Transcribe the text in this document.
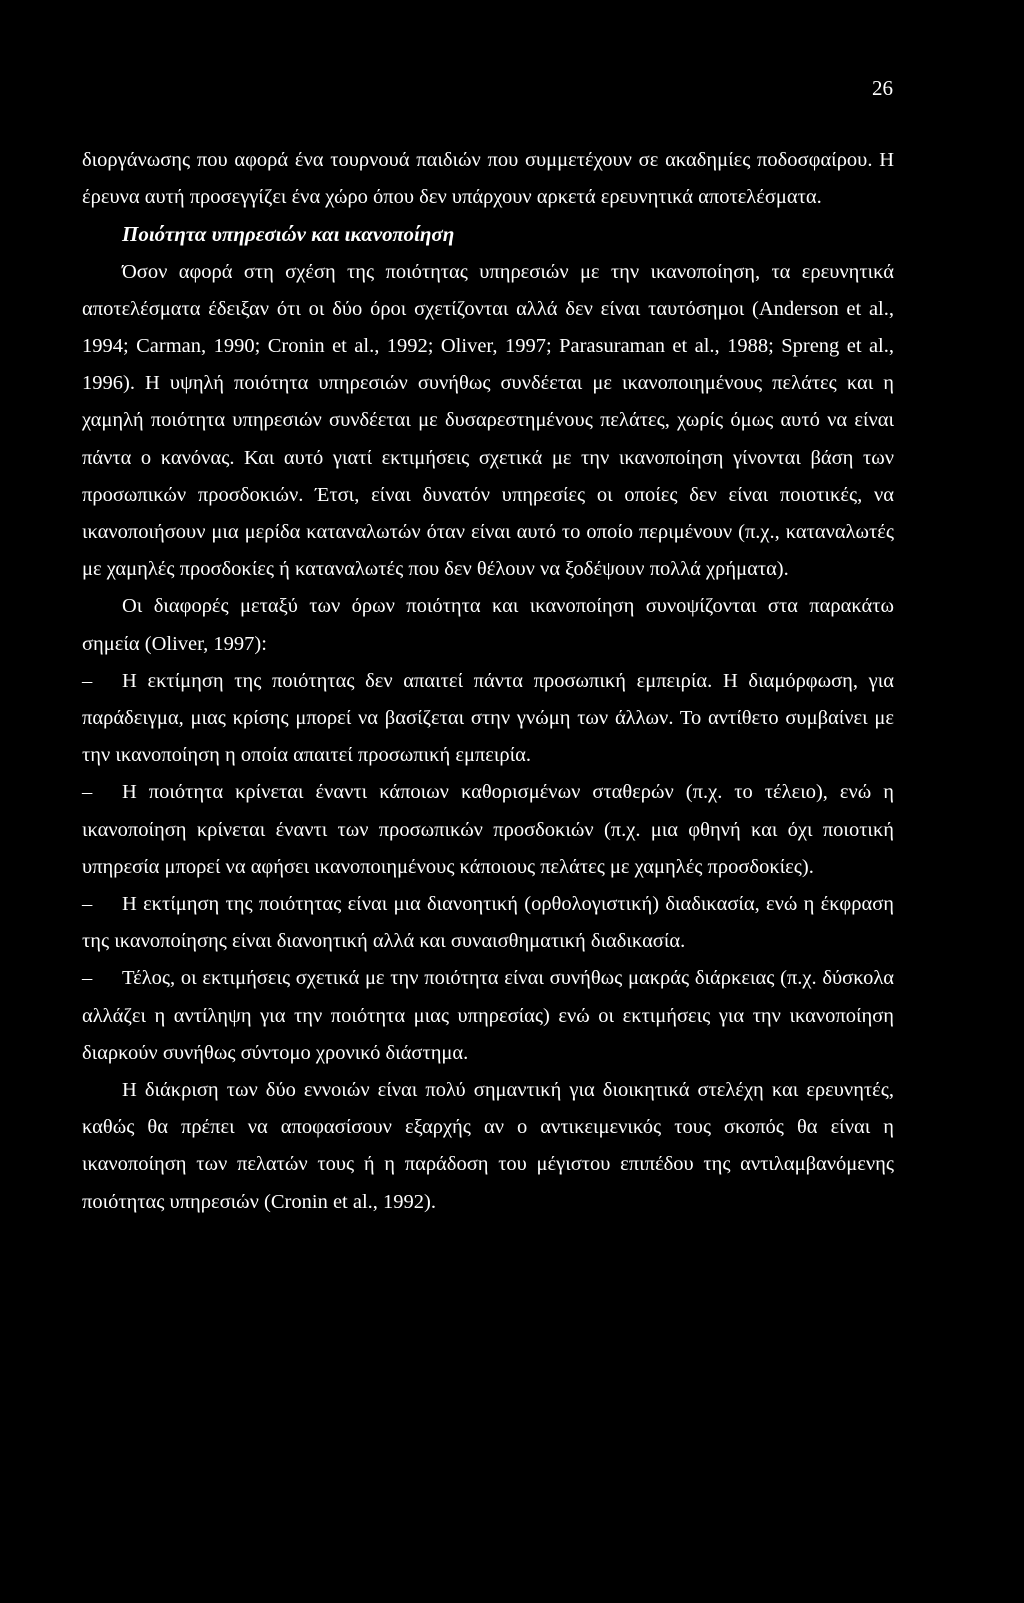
26

διοργάνωσης που αφορά ένα τουρνουά παιδιών που συμμετέχουν σε ακαδημίες ποδοσφαίρου. Η έρευνα αυτή προσεγγίζει ένα χώρο όπου δεν υπάρχουν αρκετά ερευνητικά αποτελέσματα.

Ποιότητα υπηρεσιών και ικανοποίηση

Όσον αφορά στη σχέση της ποιότητας υπηρεσιών με την ικανοποίηση, τα ερευνητικά αποτελέσματα έδειξαν ότι οι δύο όροι σχετίζονται αλλά δεν είναι ταυτόσημοι (Anderson et al., 1994; Carman, 1990; Cronin et al., 1992; Oliver, 1997; Parasuraman et al., 1988; Spreng et al., 1996). Η υψηλή ποιότητα υπηρεσιών συνήθως συνδέεται με ικανοποιημένους πελάτες και η χαμηλή ποιότητα υπηρεσιών συνδέεται με δυσαρεστημένους πελάτες, χωρίς όμως αυτό να είναι πάντα ο κανόνας. Και αυτό γιατί εκτιμήσεις σχετικά με την ικανοποίηση γίνονται βάση των προσωπικών προσδοκιών. Έτσι, είναι δυνατόν υπηρεσίες οι οποίες δεν είναι ποιοτικές, να ικανοποιήσουν μια μερίδα καταναλωτών όταν είναι αυτό το οποίο περιμένουν (π.χ., καταναλωτές με χαμηλές προσδοκίες ή καταναλωτές που δεν θέλουν να ξοδέψουν πολλά χρήματα).

Οι διαφορές μεταξύ των όρων ποιότητα και ικανοποίηση συνοψίζονται στα παρακάτω σημεία (Oliver, 1997):

– Η εκτίμηση της ποιότητας δεν απαιτεί πάντα προσωπική εμπειρία. Η διαμόρφωση, για παράδειγμα, μιας κρίσης μπορεί να βασίζεται στην γνώμη των άλλων. Το αντίθετο συμβαίνει με την ικανοποίηση η οποία απαιτεί προσωπική εμπειρία.

– Η ποιότητα κρίνεται έναντι κάποιων καθορισμένων σταθερών (π.χ. το τέλειο), ενώ η ικανοποίηση κρίνεται έναντι των προσωπικών προσδοκιών (π.χ. μια φθηνή και όχι ποιοτική υπηρεσία μπορεί να αφήσει ικανοποιημένους κάποιους πελάτες με χαμηλές προσδοκίες).

– Η εκτίμηση της ποιότητας είναι μια διανοητική (ορθολογιστική) διαδικασία, ενώ η έκφραση της ικανοποίησης είναι διανοητική αλλά και συναισθηματική διαδικασία.

– Τέλος, οι εκτιμήσεις σχετικά με την ποιότητα είναι συνήθως μακράς διάρκειας (π.χ. δύσκολα αλλάζει η αντίληψη για την ποιότητα μιας υπηρεσίας) ενώ οι εκτιμήσεις για την ικανοποίηση διαρκούν συνήθως σύντομο χρονικό διάστημα.

Η διάκριση των δύο εννοιών είναι πολύ σημαντική για διοικητικά στελέχη και ερευνητές, καθώς θα πρέπει να αποφασίσουν εξαρχής αν ο αντικειμενικός τους σκοπός θα είναι η ικανοποίηση των πελατών τους ή η παράδοση του μέγιστου επιπέδου της αντιλαμβανόμενης ποιότητας υπηρεσιών (Cronin et al., 1992).
